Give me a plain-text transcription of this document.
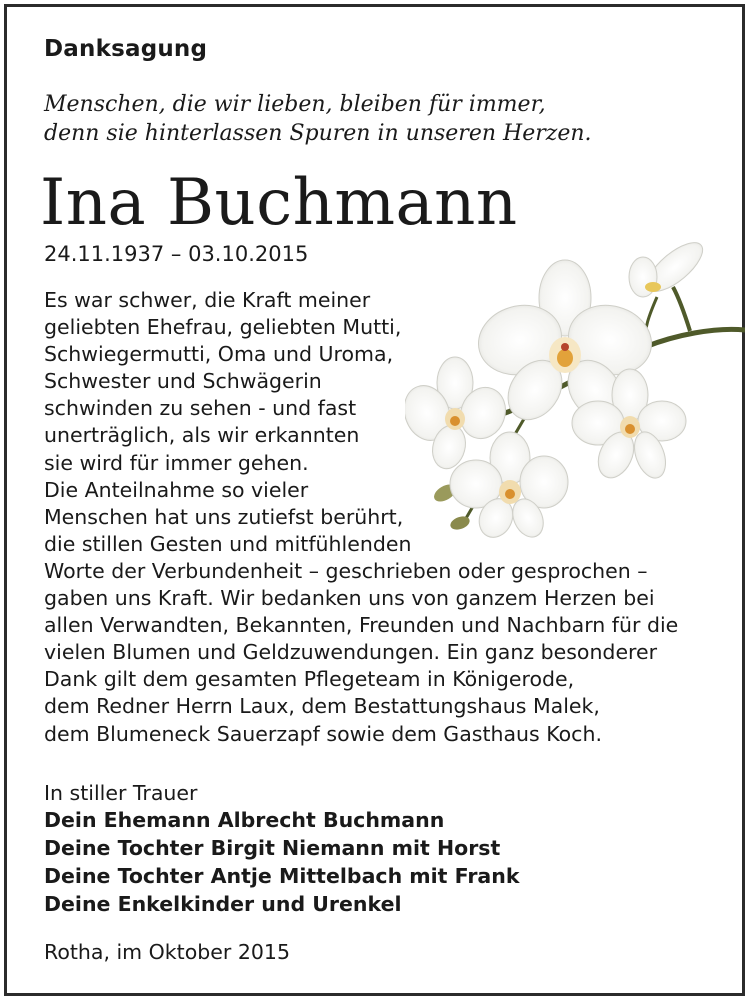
Danksagung
Menschen, die wir lieben, bleiben für immer,
denn sie hinterlassen Spuren in unseren Herzen.
Ina Buchmann
24.11.1937 – 03.10.2015
Es war schwer, die Kraft meiner
geliebten Ehefrau, geliebten Mutti,
Schwiegermutti, Oma und Uroma,
Schwester und Schwägerin
schwinden zu sehen - und fast
unerträglich, als wir erkannten
sie wird für immer gehen.
Die Anteilnahme so vieler
Menschen hat uns zutiefst berührt,
die stillen Gesten und mitfühlenden
Worte der Verbundenheit – geschrieben oder gesprochen –
gaben uns Kraft. Wir bedanken uns von ganzem Herzen bei
allen Verwandten, Bekannten, Freunden und Nachbarn für die
vielen Blumen und Geldzuwendungen. Ein ganz besonderer
Dank gilt dem gesamten Pflegeteam in Königerode,
dem Redner Herrn Laux, dem Bestattungshaus Malek,
dem Blumeneck Sauerzapf sowie dem Gasthaus Koch.
In stiller Trauer
Dein Ehemann Albrecht Buchmann
Deine Tochter Birgit Niemann mit Horst
Deine Tochter Antje Mittelbach mit Frank
Deine Enkelkinder und Urenkel
Rotha, im Oktober 2015
